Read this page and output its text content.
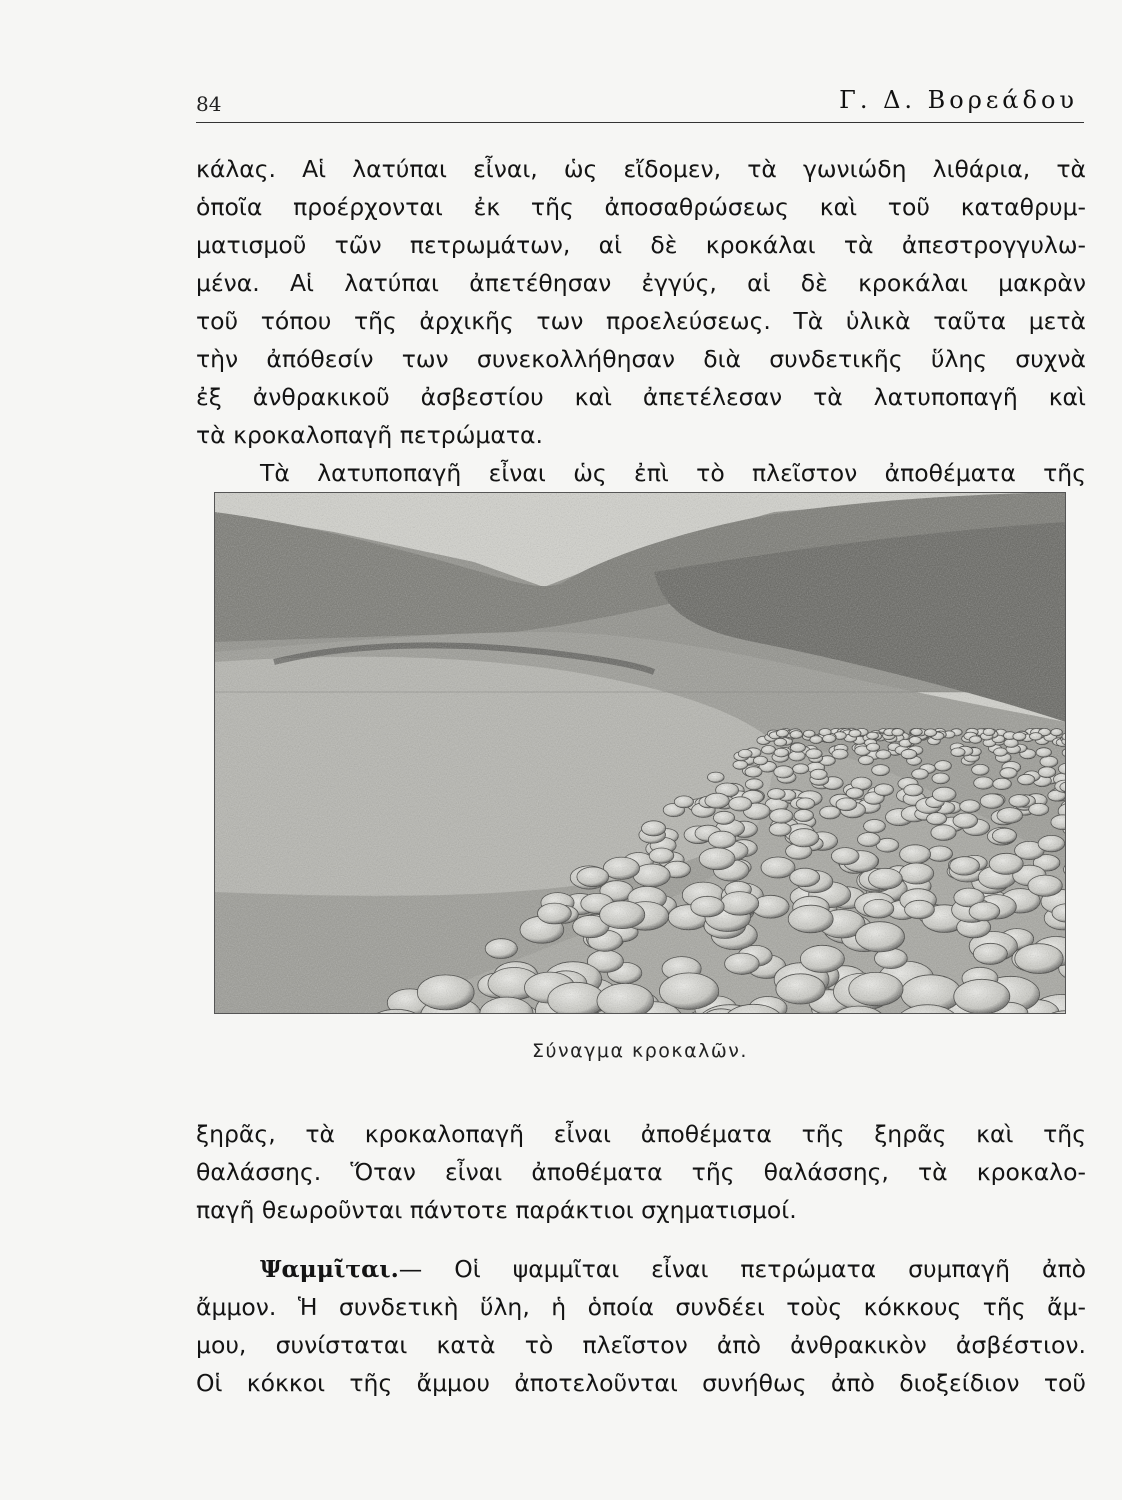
84	Γ. Δ. Βορεάδου
κάλας. Αἱ λατύπαι εἶναι, ὡς εἴδομεν, τὰ γωνιώδη λιθάρια, τὰ
ὁποῖα προέρχονται ἐκ τῆς ἀποσαθρώσεως καὶ τοῦ καταθρυμ-
ματισμοῦ τῶν πετρωμάτων, αἱ δὲ κροκάλαι τὰ ἀπεστρογγυλω-
μένα. Αἱ λατύπαι ἀπετέθησαν ἐγγύς, αἱ δὲ κροκάλαι μακρὰν
τοῦ τόπου τῆς ἀρχικῆς των προελεύσεως. Τὰ ὑλικὰ ταῦτα μετὰ
τὴν ἀπόθεσίν των συνεκολλήθησαν διὰ συνδετικῆς ὕλης συχνὰ
ἐξ ἀνθρακικοῦ ἀσβεστίου καὶ ἀπετέλεσαν τὰ λατυποπαγῆ καὶ
τὰ κροκαλοπαγῆ πετρώματα.
Τὰ λατυποπαγῆ εἶναι ὡς ἐπὶ τὸ πλεῖστον ἀποθέματα τῆς
Σύναγμα κροκαλῶν.
ξηρᾶς, τὰ κροκαλοπαγῆ εἶναι ἀποθέματα τῆς ξηρᾶς καὶ τῆς
θαλάσσης. Ὅταν εἶναι ἀποθέματα τῆς θαλάσσης, τὰ κροκαλο-
παγῆ θεωροῦνται πάντοτε παράκτιοι σχηματισμοί.
Ψαμμῖται.— Οἱ ψαμμῖται εἶναι πετρώματα συμπαγῆ ἀπὸ
ἄμμον. Ἡ συνδετικὴ ὕλη, ἡ ὁποία συνδέει τοὺς κόκκους τῆς ἄμ-
μου, συνίσταται κατὰ τὸ πλεῖστον ἀπὸ ἀνθρακικὸν ἀσβέστιον.
Οἱ κόκκοι τῆς ἄμμου ἀποτελοῦνται συνήθως ἀπὸ διοξείδιον τοῦ
